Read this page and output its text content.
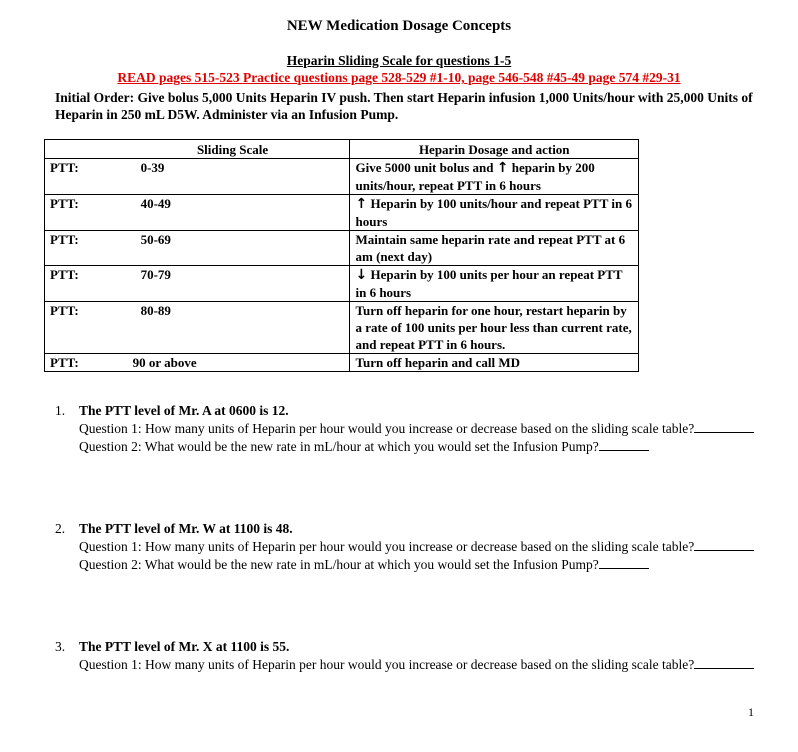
NEW Medication Dosage Concepts
Heparin Sliding Scale for questions 1-5
READ pages 515-523 Practice questions page 528-529 #1-10, page 546-548 #45-49 page 574 #29-31
Initial Order: Give bolus 5,000 Units Heparin IV push. Then start Heparin infusion 1,000 Units/hour with 25,000 Units of Heparin in 250 mL D5W. Administer via an Infusion Pump.
	Sliding Scale	Heparin Dosage and action
PTT:	0-39	Give 5000 unit bolus and ↑ heparin by 200 units/hour, repeat PTT in 6 hours
PTT:	40-49	↑ Heparin by 100 units/hour and repeat PTT in 6 hours
PTT:	50-69	Maintain same heparin rate and repeat PTT at 6 am (next day)
PTT:	70-79	↓ Heparin by 100 units per hour an repeat PTT in 6 hours
PTT:	80-89	Turn off heparin for one hour, restart heparin by a rate of 100 units per hour less than current rate, and repeat PTT in 6 hours.
PTT:	90 or above	Turn off heparin and call MD
1. The PTT level of Mr. A at 0600 is 12.
Question 1: How many units of Heparin per hour would you increase or decrease based on the sliding scale table?
Question 2: What would be the new rate in mL/hour at which you would set the Infusion Pump?
2. The PTT level of Mr. W at 1100 is 48.
Question 1: How many units of Heparin per hour would you increase or decrease based on the sliding scale table?
Question 2: What would be the new rate in mL/hour at which you would set the Infusion Pump?
3. The PTT level of Mr. X at 1100 is 55.
Question 1: How many units of Heparin per hour would you increase or decrease based on the sliding scale table?
1
